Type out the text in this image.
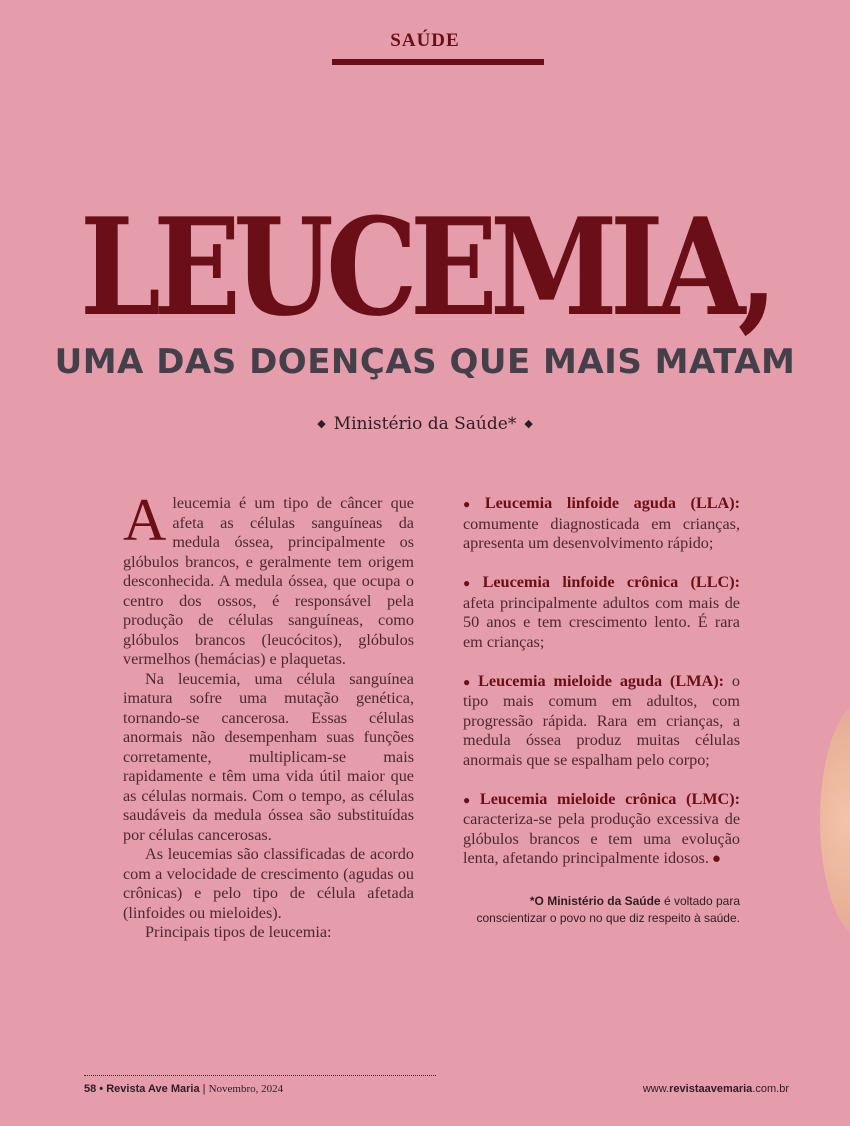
SAÚDE
LEUCEMIA,
UMA DAS DOENÇAS QUE MAIS MATAM
◆ Ministério da Saúde* ◆

A leucemia é um tipo de câncer que afeta as células sanguíneas da medula óssea, principalmente os glóbulos brancos, e geralmente tem origem desconhecida. A medula óssea, que ocupa o centro dos ossos, é responsável pela produção de células sanguíneas, como glóbulos brancos (leucócitos), glóbulos vermelhos (hemácias) e plaquetas.

Na leucemia, uma célula sanguínea imatura sofre uma mutação genética, tornando-se cancerosa. Essas células anormais não desempenham suas funções corretamente, multiplicam-se mais rapidamente e têm uma vida útil maior que as células normais. Com o tempo, as células saudáveis da medula óssea são substituídas por células cancerosas.

As leucemias são classificadas de acordo com a velocidade de crescimento (agudas ou crônicas) e pelo tipo de célula afetada (linfoides ou mieloides).

Principais tipos de leucemia:

● Leucemia linfoide aguda (LLA): comumente diagnosticada em crianças, apresenta um desenvolvimento rápido;
● Leucemia linfoide crônica (LLC): afeta principalmente adultos com mais de 50 anos e tem crescimento lento. É rara em crianças;
● Leucemia mieloide aguda (LMA): o tipo mais comum em adultos, com progressão rápida. Rara em crianças, a medula óssea produz muitas células anormais que se espalham pelo corpo;
● Leucemia mieloide crônica (LMC): caracteriza-se pela produção excessiva de glóbulos brancos e tem uma evolução lenta, afetando principalmente idosos. ●
*O Ministério da Saúde é voltado para conscientizar o povo no que diz respeito à saúde.
58 • Revista Ave Maria | Novembro, 2024	www.revistaavemaria.com.br
